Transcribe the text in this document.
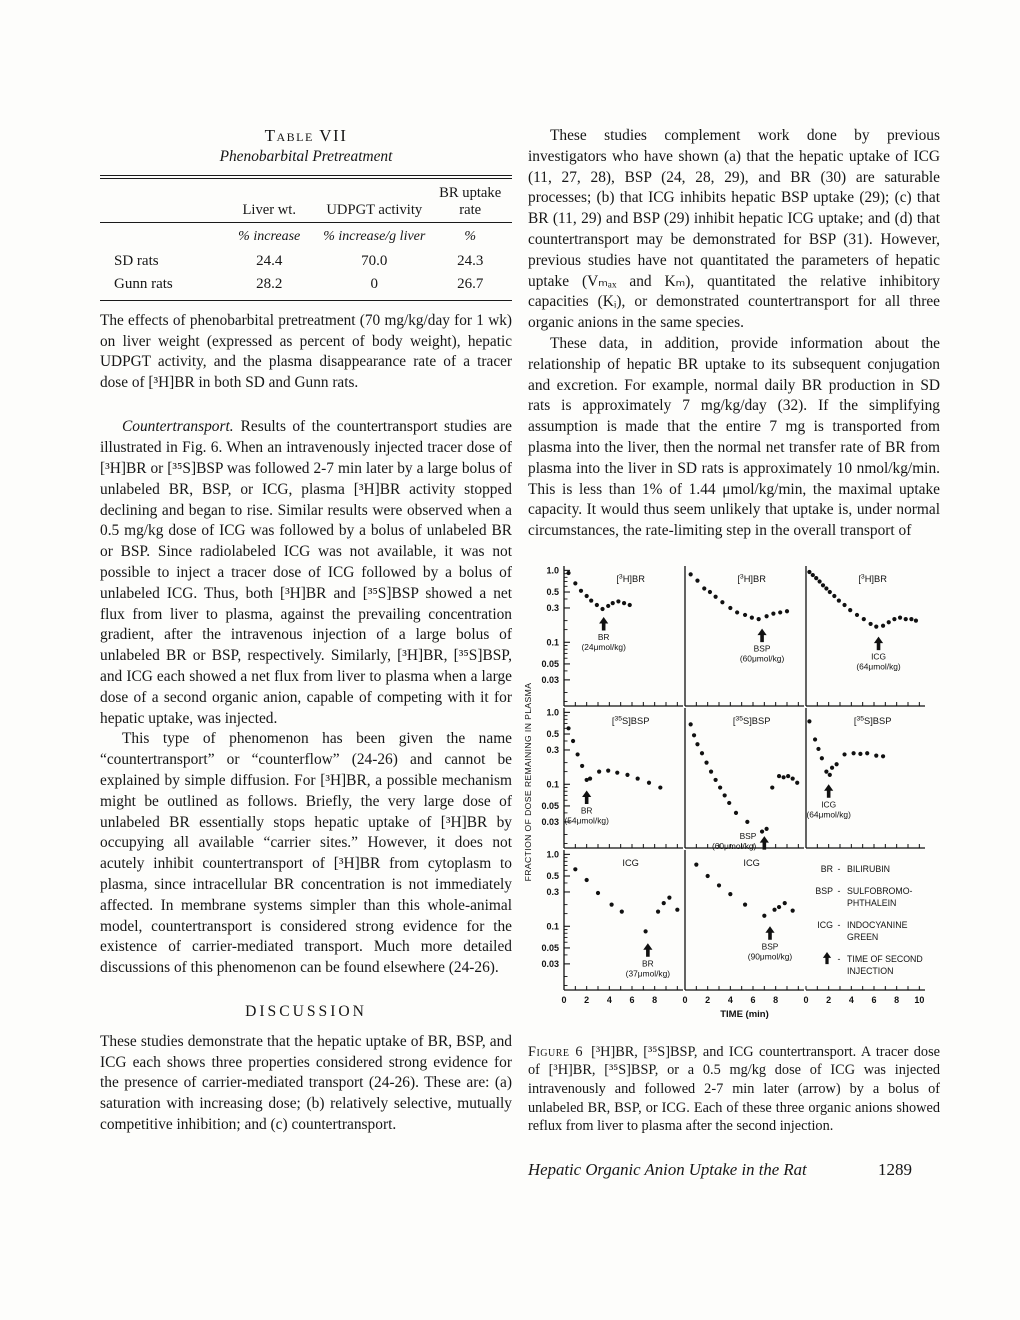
Table VII
Phenobarbital Pretreatment
	Liver wt.	UDPGT activity	BR uptake rate
	% increase	% increase/g liver	%
SD rats	24.4	70.0	24.3
Gunn rats	28.2	0	26.7

The effects of phenobarbital pretreatment (70 mg/kg/day for 1 wk) on liver weight (expressed as percent of body weight), hepatic UDPGT activity, and the plasma disappearance rate of a tracer dose of [³H]BR in both SD and Gunn rats.

Countertransport. Results of the countertransport studies are illustrated in Fig. 6. When an intravenously injected tracer dose of [³H]BR or [³⁵S]BSP was followed 2-7 min later by a large bolus of unlabeled BR, BSP, or ICG, plasma [³H]BR activity stopped declining and began to rise. Similar results were observed when a 0.5 mg/kg dose of ICG was followed by a bolus of unlabeled BR or BSP. Since radiolabeled ICG was not available, it was not possible to inject a tracer dose of ICG followed by a bolus of unlabeled ICG. Thus, both [³H]BR and [³⁵S]BSP showed a net flux from liver to plasma, against the prevailing concentration gradient, after the intravenous injection of a large bolus of unlabeled BR or BSP, respectively. Similarly, [³H]BR, [³⁵S]BSP, and ICG each showed a net flux from liver to plasma when a large dose of a second organic anion, capable of competing with it for hepatic uptake, was injected.

This type of phenomenon has been given the name “countertransport” or “counterflow” (24-26) and cannot be explained by simple diffusion. For [³H]BR, a possible mechanism might be outlined as follows. Briefly, the very large dose of unlabeled BR essentially stops hepatic uptake of [³H]BR by occupying all available “carrier sites.” However, it does not acutely inhibit countertransport of [³H]BR from cytoplasm to plasma, since intracellular BR concentration is not immediately affected. In membrane systems simpler than this whole-animal model, countertransport is considered strong evidence for the existence of carrier-mediated transport. Much more detailed discussions of this phenomenon can be found elsewhere (24-26).

DISCUSSION

These studies demonstrate that the hepatic uptake of BR, BSP, and ICG each shows three properties considered strong evidence for the presence of carrier-mediated transport (24-26). These are: (a) saturation with increasing dose; (b) relatively selective, mutually competitive inhibition; and (c) countertransport.

These studies complement work done by previous investigators who have shown (a) that the hepatic uptake of ICG (11, 27, 28), BSP (24, 28, 29), and BR (30) are saturable processes; (b) that ICG inhibits hepatic BSP uptake (29); (c) that BR (11, 29) and BSP (29) inhibit hepatic ICG uptake; and (d) that countertransport may be demonstrated for BSP (31). However, previous studies have not quantitated the parameters of hepatic uptake (Vₘₐₓ and Kₘ), quantitated the relative inhibitory capacities (Kᵢ), or demonstrated countertransport for all three organic anions in the same species.

These data, in addition, provide information about the relationship of hepatic BR uptake to its subsequent conjugation and excretion. For example, normal daily BR production in SD rats is approximately 7 mg/kg/day (32). If the simplifying assumption is made that the entire 7 mg is transported from plasma into the liver, then the normal net transfer rate of BR from plasma into the liver in SD rats is approximately 10 nmol/kg/min. This is less than 1% of 1.44 μmol/kg/min, the maximal uptake capacity. It would thus seem unlikely that uptake is, under normal circumstances, the rate-limiting step in the overall transport of

1.0
0.5
0.3
0.1
0.05
0.03
1.0
0.5
0.3
0.1
0.05
0.03
1.0
0.5
0.3
0.1
0.05
0.03
0 2 4 6 8	0 2 4 6 8	0 2 4 6 8 10
[$^3$H]BR
BR
(24μmol/kg)
[$^3$H]BR
BSP
(60μmol/kg)
[$^3$H]BR
ICG
(64μmol/kg)
[$^{35}$S]BSP
BR
(54μmol/kg)
[$^{35}$S]BSP
BSP
(60μmol/kg)
[$^{35}$S]BSP
ICG
(64μmol/kg)
ICG
BR
(37μmol/kg)
ICG
BSP
(90μmol/kg)
BR - BILIRUBIN
BSP - SULFOBROMO-
PHTHALEIN
ICG - INDOCYANINE
GREEN
- TIME OF SECOND
INJECTION
FRACTION OF DOSE REMAINING IN PLASMA
TIME (min)

Figure 6 [³H]BR, [³⁵S]BSP, and ICG countertransport. A tracer dose of [³H]BR, [³⁵S]BSP, or a 0.5 mg/kg dose of ICG was injected intravenously and followed 2-7 min later (arrow) by a bolus of unlabeled BR, BSP, or ICG. Each of these three organic anions showed reflux from liver to plasma after the second injection.

Hepatic Organic Anion Uptake in the Rat	1289
